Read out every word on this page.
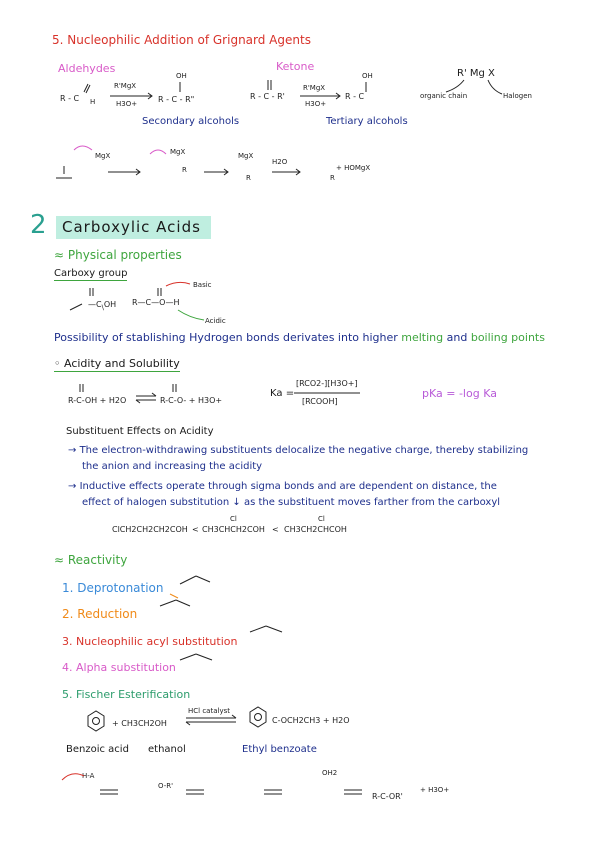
5. Nucleophilic Addition of Grignard Agents
Aldehydes	Ketone
R - C H
R'MgX
H3O+	R - C - R"
OH
Secondary alcohols
R - C - R'
R'MgX
H3O+
R - C
OH
Tertiary alcohols
R' Mg X
organic chain	Halogen
MgX	MgX
R
MgX
R
H2O
R
+ HOMgX
2	Carboxylic Acids
≈ Physical properties
Carboxy group
Basic
Acidic
$—C_\backslash OH$ R—C—O—H
Possibility of stablishing Hydrogen bonds derivates into higher melting and boiling points
◦ Acidity and Solubility
R-C-OH + H2O	R-C-O- + H3O+
Ka =
[RCO2-][H3O+]
[RCOOH]
pKa = -log Ka
Substituent Effects on Acidity
→ The electron-withdrawing substituents delocalize the negative charge, thereby stabilizing
the anion and increasing the acidity
→ Inductive effects operate through sigma bonds and are dependent on distance, the
effect of halogen substitution ↓ as the substituent moves farther from the carboxyl
ClCH2CH2CH2COH < CH3CHCH2COH
Cl
< CH3CH2CHCOH
Cl
≈ Reactivity
1. Deprotonation
2. Reduction
3. Nucleophilic acyl substitution
4. Alpha substitution
5. Fischer Esterification
+ CH3CH2OH
HCl catalyst
C-OCH2CH3 + H2O
Benzoic acid ethanol	Ethyl benzoate
H-A
O-R'
OH2
R-C-OR'
+ H3O+
